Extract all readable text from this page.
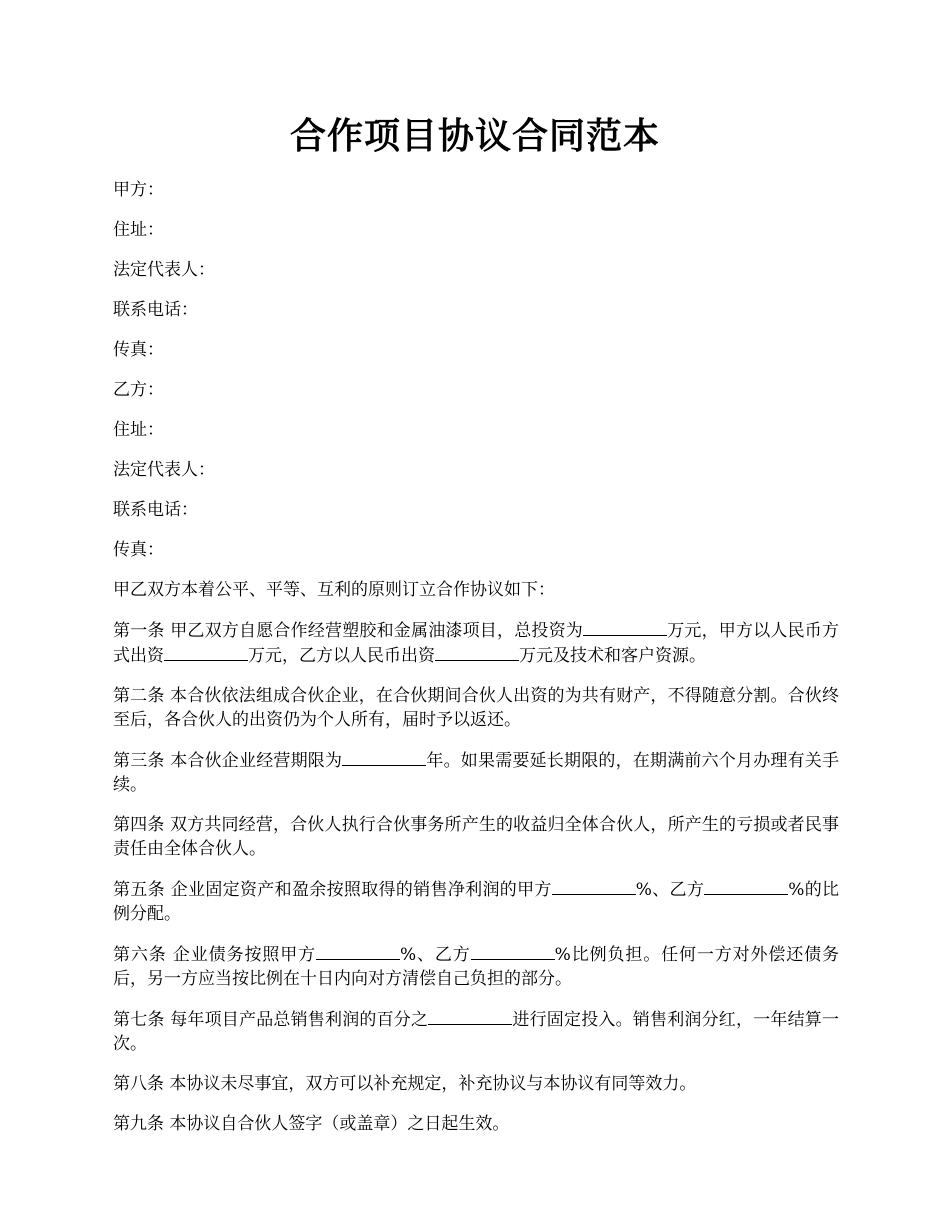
合作项目协议合同范本
甲方：
住址：
法定代表人：
联系电话：
传真：
乙方：
住址：
法定代表人：
联系电话：
传真：

甲乙双方本着公平、平等、互利的原则订立合作协议如下：

第一条 甲乙双方自愿合作经营塑胶和金属油漆项目，总投资为	万元，甲方以人民币方式出资	万元，乙方以人民币出资	万元及技术和客户资源。

第二条 本合伙依法组成合伙企业，在合伙期间合伙人出资的为共有财产，不得随意分割。合伙终至后，各合伙人的出资仍为个人所有，届时予以返还。

第三条 本合伙企业经营期限为	年。如果需要延长期限的，在期满前六个月办理有关手续。

第四条 双方共同经营，合伙人执行合伙事务所产生的收益归全体合伙人，所产生的亏损或者民事责任由全体合伙人。

第五条 企业固定资产和盈余按照取得的销售净利润的甲方	%、乙方	%的比例分配。

第六条 企业债务按照甲方	%、乙方	%比例负担。任何一方对外偿还债务后，另一方应当按比例在十日内向对方清偿自己负担的部分。

第七条 每年项目产品总销售利润的百分之	进行固定投入。销售利润分红，一年结算一次。

第八条 本协议未尽事宜，双方可以补充规定，补充协议与本协议有同等效力。

第九条 本协议自合伙人签字（或盖章）之日起生效。
